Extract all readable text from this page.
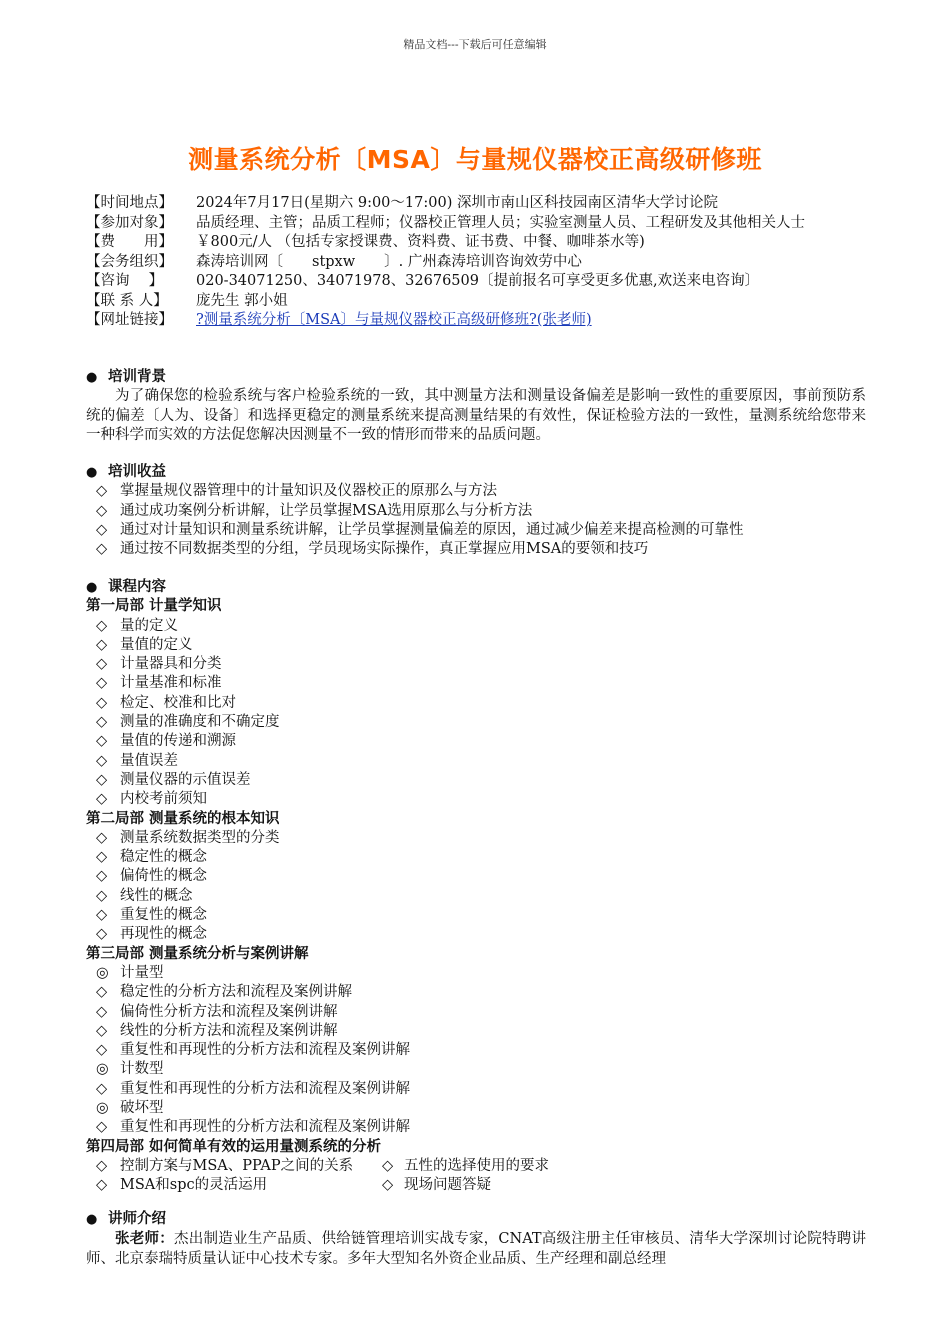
精品文档---下载后可任意编辑
测量系统分析〔MSA〕与量规仪器校正高级研修班
【时间地点】	2024年7月17日(星期六 9:00～17:00) 深圳市南山区科技园南区清华大学讨论院
【参加对象】	品质经理、主管；品质工程师；仪器校正管理人员；实验室测量人员、工程研发及其他相关人士
【费　　用】	￥800元/人 （包括专家授课费、资料费、证书费、中餐、咖啡茶水等)
【会务组织】	森涛培训网〔　　stpxw　　〕. 广州森涛培训咨询效劳中心
【咨询　 】	020-34071250、34071978、32676509〔提前报名可享受更多优惠,欢送来电咨询〕
【联 系 人】	庞先生 郭小姐
【网址链接】	?测量系统分析〔MSA〕与量规仪器校正高级研修班?(张老师)
● 培训背景
为了确保您的检验系统与客户检验系统的一致，其中测量方法和测量设备偏差是影响一致性的重要原因，事前预防系统的偏差〔人为、设备〕和选择更稳定的测量系统来提高测量结果的有效性，保证检验方法的一致性，量测系统给您带来一种科学而实效的方法促您解决因测量不一致的情形而带来的品质问题。
● 培训收益
◇ 掌握量规仪器管理中的计量知识及仪器校正的原那么与方法
◇ 通过成功案例分析讲解，让学员掌握MSA选用原那么与分析方法
◇ 通过对计量知识和测量系统讲解，让学员掌握测量偏差的原因，通过减少偏差来提高检测的可靠性
◇ 通过按不同数据类型的分组，学员现场实际操作，真正掌握应用MSA的要领和技巧
● 课程内容
第一局部 计量学知识
◇ 量的定义
◇ 量值的定义
◇ 计量器具和分类
◇ 计量基准和标准
◇ 检定、校准和比对
◇ 测量的准确度和不确定度
◇ 量值的传递和溯源
◇ 量值误差
◇ 测量仪器的示值误差
◇ 内校考前须知
第二局部 测量系统的根本知识
◇ 测量系统数据类型的分类
◇ 稳定性的概念
◇ 偏倚性的概念
◇ 线性的概念
◇ 重复性的概念
◇ 再现性的概念
第三局部 测量系统分析与案例讲解
◎ 计量型
◇ 稳定性的分析方法和流程及案例讲解
◇ 偏倚性分析方法和流程及案例讲解
◇ 线性的分析方法和流程及案例讲解
◇ 重复性和再现性的分析方法和流程及案例讲解
◎ 计数型
◇ 重复性和再现性的分析方法和流程及案例讲解
◎ 破坏型
◇ 重复性和再现性的分析方法和流程及案例讲解
第四局部 如何简单有效的运用量测系统的分析
◇ 控制方案与MSA、PPAP之间的关系	◇ 五性的选择使用的要求
◇ MSA和spc的灵活运用	◇ 现场问题答疑
● 讲师介绍
张老师：杰出制造业生产品质、供给链管理培训实战专家，CNAT高级注册主任审核员、清华大学深圳讨论院特聘讲师、北京泰瑞特质量认证中心技术专家。多年大型知名外资企业品质、生产经理和副总经理
